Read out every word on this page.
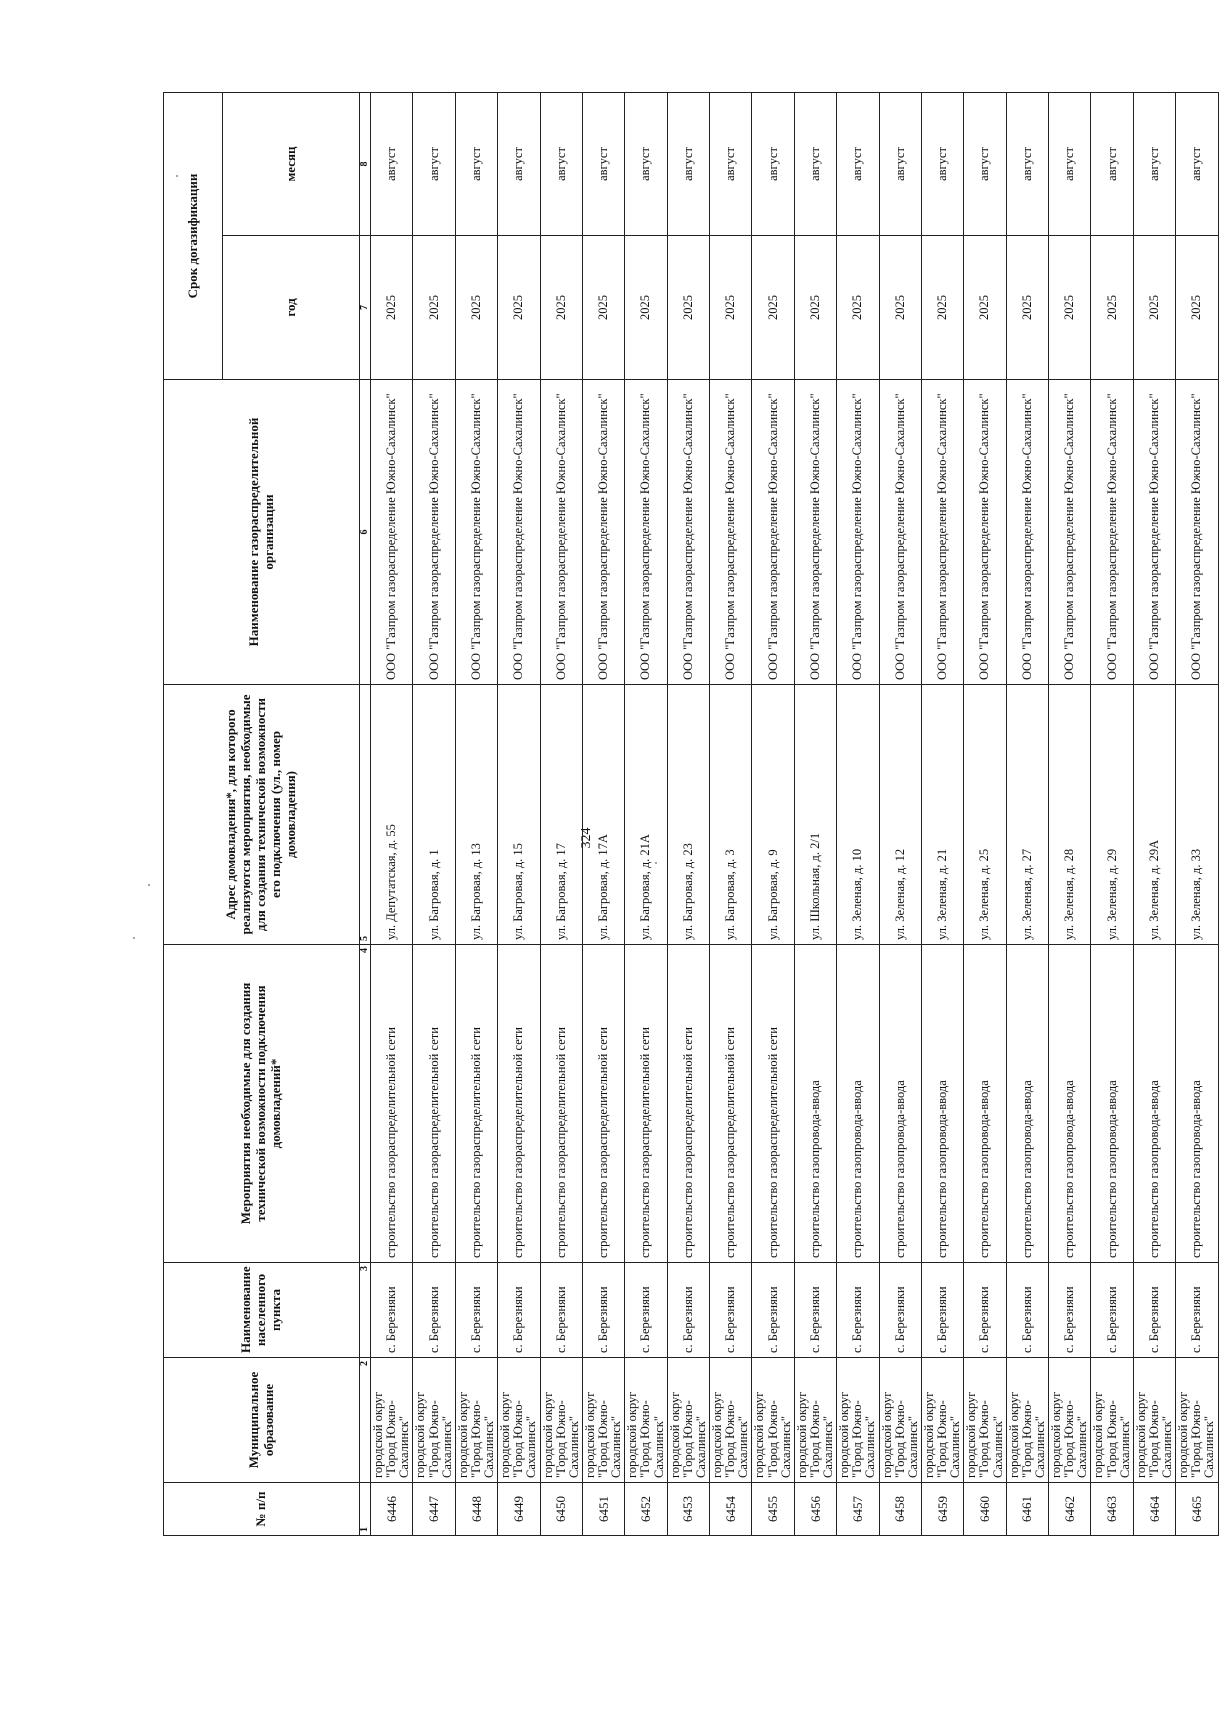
324
№ п/п	Муниципальное образование	Наименование населенного пункта	Мероприятия необходимые для создания технической возможности подключения домовладений*	Адрес домовладения*, для которого реализуются мероприятия, необходимые для создания технической возможности его подключения (ул., номер домовладения)	Наименование газораспределительной организации	Срок догазификации	
						год	месяц
1	2	3	4	5	6	7	8
6446	городской округ "Город Южно-Сахалинск"	с. Березняки	строительство газораспределительной сети	ул. Депутатская, д. 55	ООО "Газпром газораспределение Южно-Сахалинск"	2025	август
6447	городской округ "Город Южно-Сахалинск"	с. Березняки	строительство газораспределительной сети	ул. Багровая, д. 1	ООО "Газпром газораспределение Южно-Сахалинск"	2025	август
6448	городской округ "Город Южно-Сахалинск"	с. Березняки	строительство газораспределительной сети	ул. Багровая, д. 13	ООО "Газпром газораспределение Южно-Сахалинск"	2025	август
6449	городской округ "Город Южно-Сахалинск"	с. Березняки	строительство газораспределительной сети	ул. Багровая, д. 15	ООО "Газпром газораспределение Южно-Сахалинск"	2025	август
6450	городской округ "Город Южно-Сахалинск"	с. Березняки	строительство газораспределительной сети	ул. Багровая, д. 17	ООО "Газпром газораспределение Южно-Сахалинск"	2025	август
6451	городской округ "Город Южно-Сахалинск"	с. Березняки	строительство газораспределительной сети	ул. Багровая, д. 17А	ООО "Газпром газораспределение Южно-Сахалинск"	2025	август
6452	городской округ "Город Южно-Сахалинск"	с. Березняки	строительство газораспределительной сети	ул. Багровая, д. 21А	ООО "Газпром газораспределение Южно-Сахалинск"	2025	август
6453	городской округ "Город Южно-Сахалинск"	с. Березняки	строительство газораспределительной сети	ул. Багровая, д. 23	ООО "Газпром газораспределение Южно-Сахалинск"	2025	август
6454	городской округ "Город Южно-Сахалинск"	с. Березняки	строительство газораспределительной сети	ул. Багровая, д. 3	ООО "Газпром газораспределение Южно-Сахалинск"	2025	август
6455	городской округ "Город Южно-Сахалинск"	с. Березняки	строительство газораспределительной сети	ул. Багровая, д. 9	ООО "Газпром газораспределение Южно-Сахалинск"	2025	август
6456	городской округ "Город Южно-Сахалинск"	с. Березняки	строительство газопровода-ввода	ул. Школьная, д. 2/1	ООО "Газпром газораспределение Южно-Сахалинск"	2025	август
6457	городской округ "Город Южно-Сахалинск"	с. Березняки	строительство газопровода-ввода	ул. Зеленая, д. 10	ООО "Газпром газораспределение Южно-Сахалинск"	2025	август
6458	городской округ "Город Южно-Сахалинск"	с. Березняки	строительство газопровода-ввода	ул. Зеленая, д. 12	ООО "Газпром газораспределение Южно-Сахалинск"	2025	август
6459	городской округ "Город Южно-Сахалинск"	с. Березняки	строительство газопровода-ввода	ул. Зеленая, д. 21	ООО "Газпром газораспределение Южно-Сахалинск"	2025	август
6460	городской округ "Город Южно-Сахалинск"	с. Березняки	строительство газопровода-ввода	ул. Зеленая, д. 25	ООО "Газпром газораспределение Южно-Сахалинск"	2025	август
6461	городской округ "Город Южно-Сахалинск"	с. Березняки	строительство газопровода-ввода	ул. Зеленая, д. 27	ООО "Газпром газораспределение Южно-Сахалинск"	2025	август
6462	городской округ "Город Южно-Сахалинск"	с. Березняки	строительство газопровода-ввода	ул. Зеленая, д. 28	ООО "Газпром газораспределение Южно-Сахалинск"	2025	август
6463	городской округ "Город Южно-Сахалинск"	с. Березняки	строительство газопровода-ввода	ул. Зеленая, д. 29	ООО "Газпром газораспределение Южно-Сахалинск"	2025	август
6464	городской округ "Город Южно-Сахалинск"	с. Березняки	строительство газопровода-ввода	ул. Зеленая, д. 29А	ООО "Газпром газораспределение Южно-Сахалинск"	2025	август
6465	городской округ "Город Южно-Сахалинск"	с. Березняки	строительство газопровода-ввода	ул. Зеленая, д. 33	ООО "Газпром газораспределение Южно-Сахалинск"	2025	август
